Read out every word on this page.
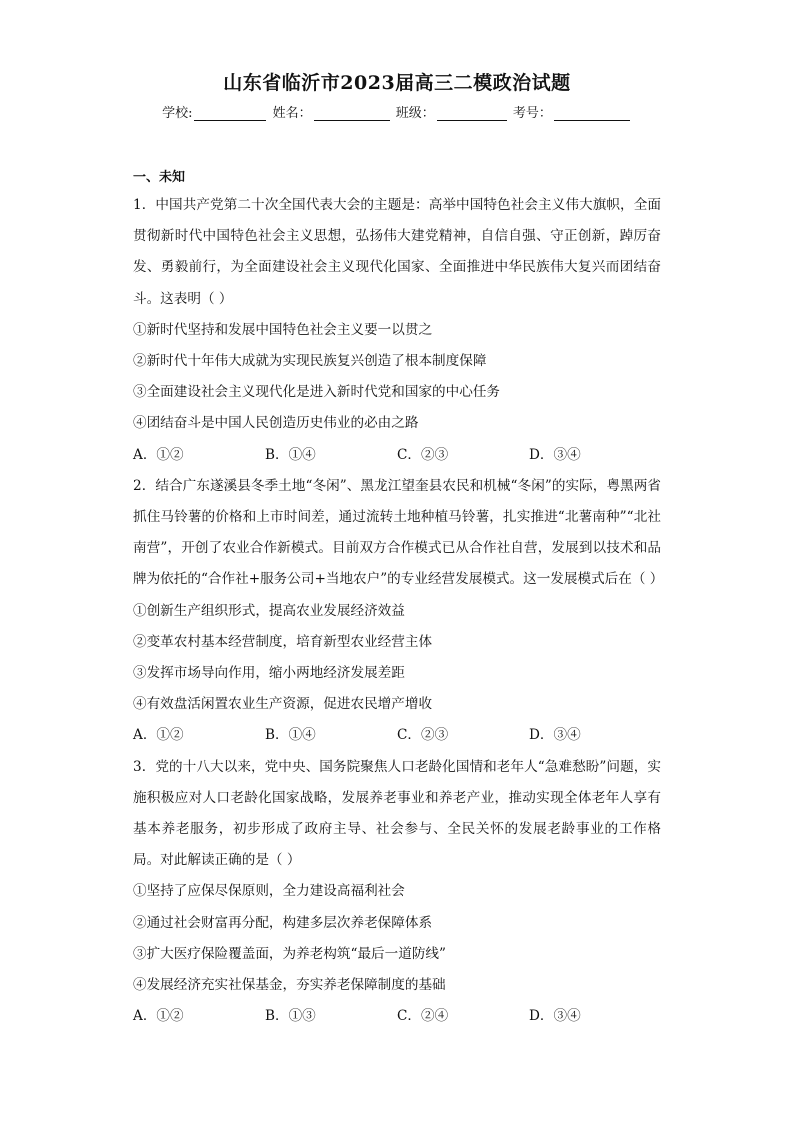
山东省临沂市2023届高三二模政治试题
学校:	姓名：	班级：	考号：
一、未知
1．中国共产党第二十次全国代表大会的主题是：高举中国特色社会主义伟大旗帜，全面贯彻新时代中国特色社会主义思想，弘扬伟大建党精神，自信自强、守正创新，踔厉奋发、勇毅前行，为全面建设社会主义现代化国家、全面推进中华民族伟大复兴而团结奋斗。这表明（ ）
①新时代坚持和发展中国特色社会主义要一以贯之
②新时代十年伟大成就为实现民族复兴创造了根本制度保障
③全面建设社会主义现代化是进入新时代党和国家的中心任务
④团结奋斗是中国人民创造历史伟业的必由之路
A．①②	B．①④	C．②③	D．③④
2．结合广东遂溪县冬季土地“冬闲”、黑龙江望奎县农民和机械“冬闲”的实际，粤黑两省抓住马铃薯的价格和上市时间差，通过流转土地种植马铃薯，扎实推进“北薯南种”“北社南营”，开创了农业合作新模式。目前双方合作模式已从合作社自营，发展到以技术和品牌为依托的“合作社+服务公司+当地农户”的专业经营发展模式。这一发展模式后在（ ）
①创新生产组织形式，提高农业发展经济效益
②变革农村基本经营制度，培育新型农业经营主体
③发挥市场导向作用，缩小两地经济发展差距
④有效盘活闲置农业生产资源，促进农民增产增收
A．①②	B．①④	C．②③	D．③④
3．党的十八大以来，党中央、国务院聚焦人口老龄化国情和老年人“急难愁盼”问题，实施积极应对人口老龄化国家战略，发展养老事业和养老产业，推动实现全体老年人享有基本养老服务，初步形成了政府主导、社会参与、全民关怀的发展老龄事业的工作格局。对此解读正确的是（ ）
①坚持了应保尽保原则，全力建设高福利社会
②通过社会财富再分配，构建多层次养老保障体系
③扩大医疗保险覆盖面，为养老构筑“最后一道防线”
④发展经济充实社保基金，夯实养老保障制度的基础
A．①②	B．①③	C．②④	D．③④
